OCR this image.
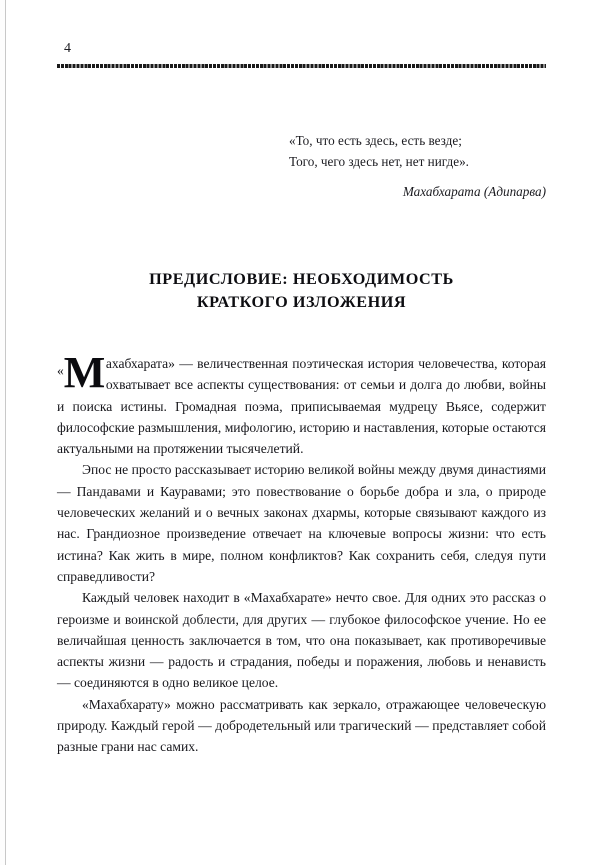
4
«То, что есть здесь, есть везде; Того, чего здесь нет, нет нигде».
Махабхарата (Адипарва)
ПРЕДИСЛОВИЕ: НЕОБХОДИМОСТЬ
КРАТКОГО ИЗЛОЖЕНИЯ

«М ахабхарата» — величественная поэтическая история человечества, которая охватывает все аспекты существования: от семьи и долга до любви, войны и поиска истины. Громадная поэма, приписываемая мудрецу Вьясе, содержит философские размышления, мифологию, историю и наставления, которые остаются актуальными на протяжении тысячелетий.

Эпос не просто рассказывает историю великой войны между двумя династиями — Пандавами и Кауравами; это повествование о борьбе добра и зла, о природе человеческих желаний и о вечных законах дхармы, которые связывают каждого из нас. Грандиозное произведение отвечает на ключевые вопросы жизни: что есть истина? Как жить в мире, полном конфликтов? Как сохранить себя, следуя пути справедливости?

Каждый человек находит в «Махабхарате» нечто свое. Для одних это рассказ о героизме и воинской доблести, для других — глубокое философское учение. Но ее величайшая ценность заключается в том, что она показывает, как противоречивые аспекты жизни — радость и страдания, победы и поражения, любовь и ненависть — соединяются в одно великое целое.

«Махабхарату» можно рассматривать как зеркало, отражающее человеческую природу. Каждый герой — добродетельный или трагический — представляет собой разные грани нас самих.
